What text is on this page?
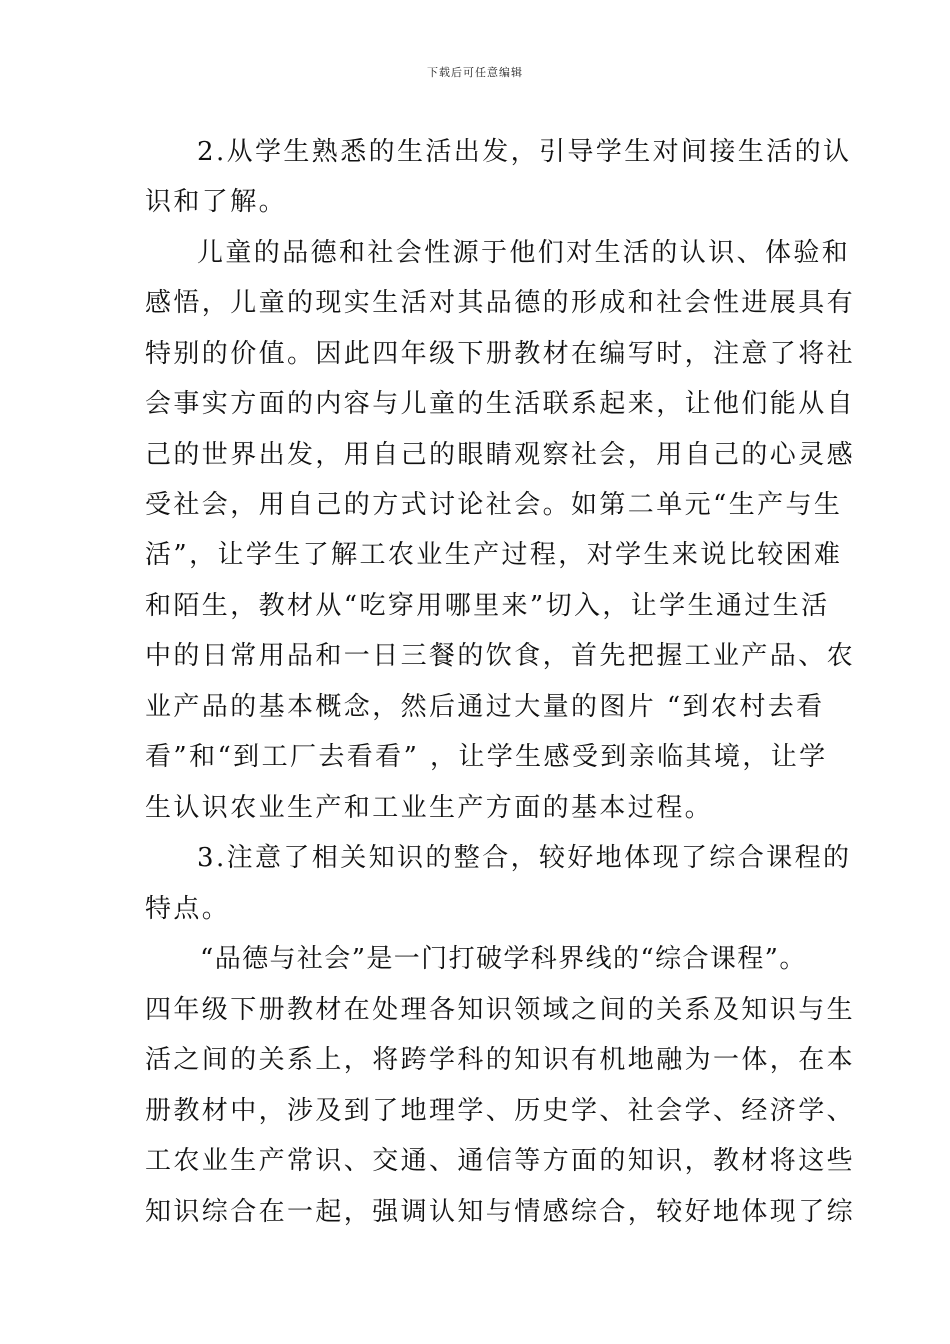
下载后可任意编辑
2.从学生熟悉的生活出发，引导学生对间接生活的认
识和了解。
儿童的品德和社会性源于他们对生活的认识、体验和
感悟，儿童的现实生活对其品德的形成和社会性进展具有
特别的价值。因此四年级下册教材在编写时，注意了将社
会事实方面的内容与儿童的生活联系起来，让他们能从自
己的世界出发，用自己的眼睛观察社会，用自己的心灵感
受社会，用自己的方式讨论社会。如第二单元“生产与生
活”，让学生了解工农业生产过程，对学生来说比较困难
和陌生，教材从“吃穿用哪里来”切入，让学生通过生活
中的日常用品和一日三餐的饮食，首先把握工业产品、农
业产品的基本概念，然后通过大量的图片 “到农村去看
看”和“到工厂去看看” ，让学生感受到亲临其境，让学
生认识农业生产和工业生产方面的基本过程。
3.注意了相关知识的整合，较好地体现了综合课程的
特点。
“品德与社会”是一门打破学科界线的“综合课程”。
四年级下册教材在处理各知识领域之间的关系及知识与生
活之间的关系上，将跨学科的知识有机地融为一体，在本
册教材中，涉及到了地理学、历史学、社会学、经济学、
工农业生产常识、交通、通信等方面的知识，教材将这些
知识综合在一起，强调认知与情感综合，较好地体现了综
